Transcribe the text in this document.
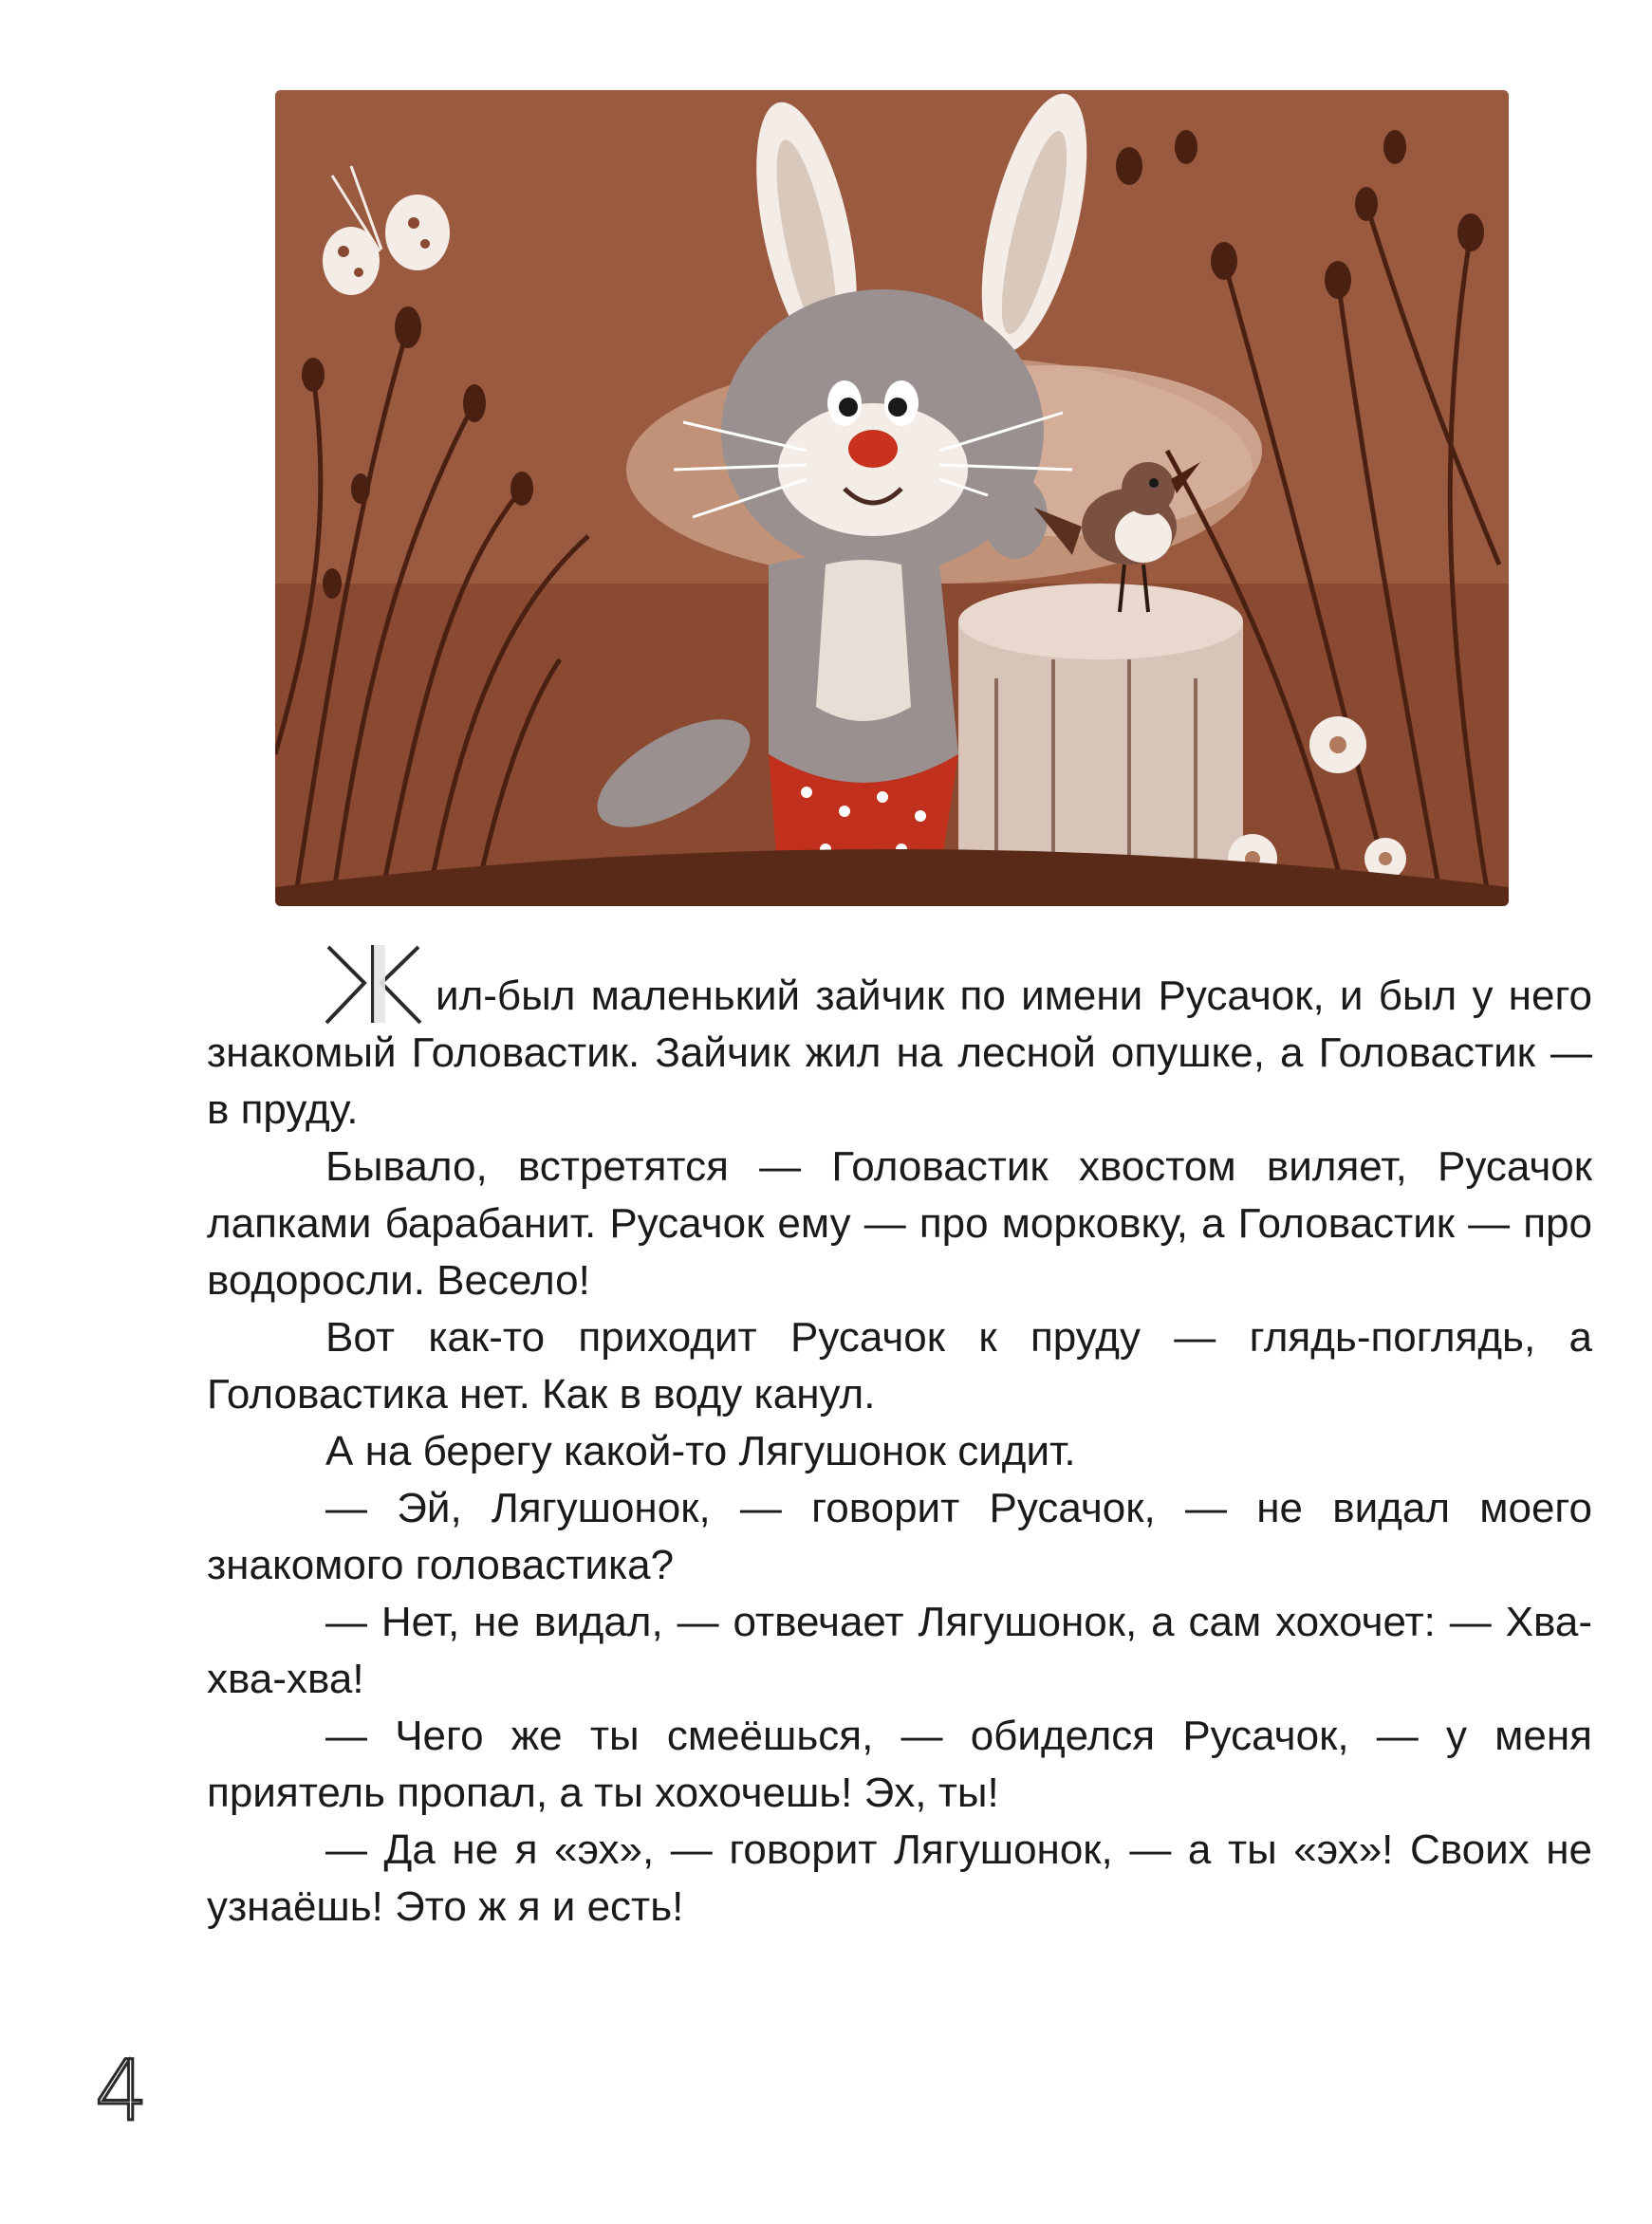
ил-был маленький зайчик по имени Русачок, и был у него знакомый Головастик. Зайчик жил на лесной опушке, а Головастик — в пруду.

Бывало, встретятся — Головастик хвостом виляет, Русачок лапками барабанит. Русачок ему — про морковку, а Головастик — про водоросли. Весело!

Вот как-то приходит Русачок к пруду — глядь-поглядь, а Головастика нет. Как в воду канул.

А на берегу какой-то Лягушонок сидит.

— Эй, Лягушонок, — говорит Русачок, — не видал моего знакомого головастика?

— Нет, не видал, — отвечает Лягушонок, а сам хохочет: — Хва-хва-хва!

— Чего же ты смеёшься, — обиделся Русачок, — у меня приятель пропал, а ты хохочешь! Эх, ты!

— Да не я «эх», — говорит Лягушонок, — а ты «эх»! Своих не узнаёшь! Это ж я и есть!

4
